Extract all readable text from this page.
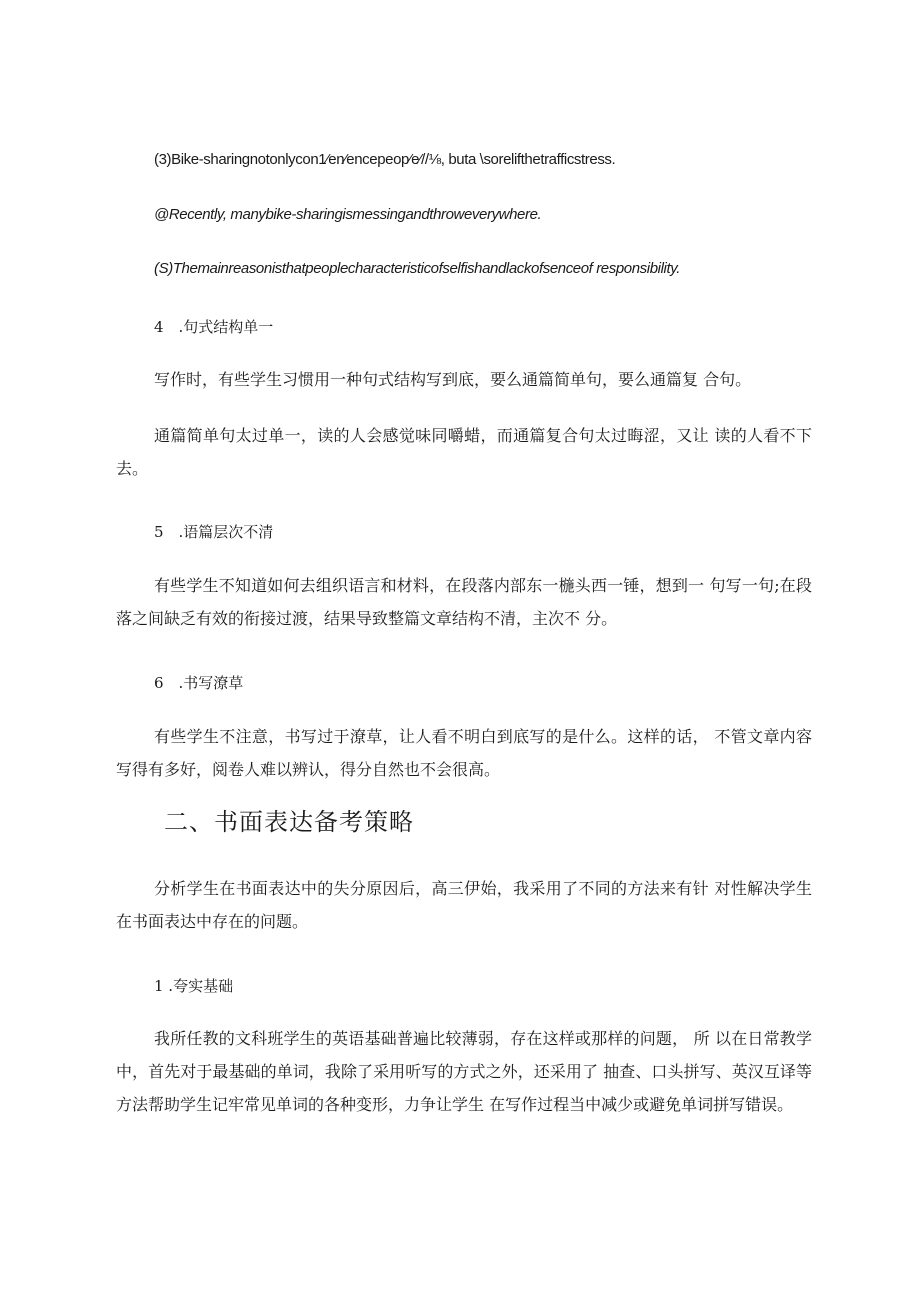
(3)Bike-sharingnotonlycon1⁄en⁄encepeop⁄e⁄//⅛, buta \sorelifthetrafficstress.
@Recently, manybike-sharingismessingandthroweverywhere.
(S)Themainreasonisthatpeoplecharacteristicofselfishandlackofsenceof responsibility.
4　.句式结构单一

写作时，有些学生习惯用一种句式结构写到底，要么通篇简单句，要么通篇复 合句。

通篇简单句太过单一，读的人会感觉味同嚼蜡，而通篇复合句太过晦涩，又让 读的人看不下去。

5　.语篇层次不清

有些学生不知道如何去组织语言和材料，在段落内部东一椸头西一锤，想到一 句写一句;在段落之间缺乏有效的衔接过渡，结果导致整篇文章结构不清，主次不 分。

6　.书写潦草

有些学生不注意，书写过于潦草，让人看不明白到底写的是什么。这样的话， 不管文章内容写得有多好，阅卷人难以辨认，得分自然也不会很高。

二、书面表达备考策略

分析学生在书面表达中的失分原因后，高三伊始，我采用了不同的方法来有针 对性解决学生在书面表达中存在的问题。

1 .夸实基础

我所任教的文科班学生的英语基础普遍比较薄弱，存在这样或那样的问题， 所 以在日常教学中，首先对于最基础的单词，我除了采用听写的方式之外，还采用了 抽查、口头拼写、英汉互译等方法帮助学生记牢常见单词的各种变形，力争让学生 在写作过程当中减少或避免单词拼写错误。
